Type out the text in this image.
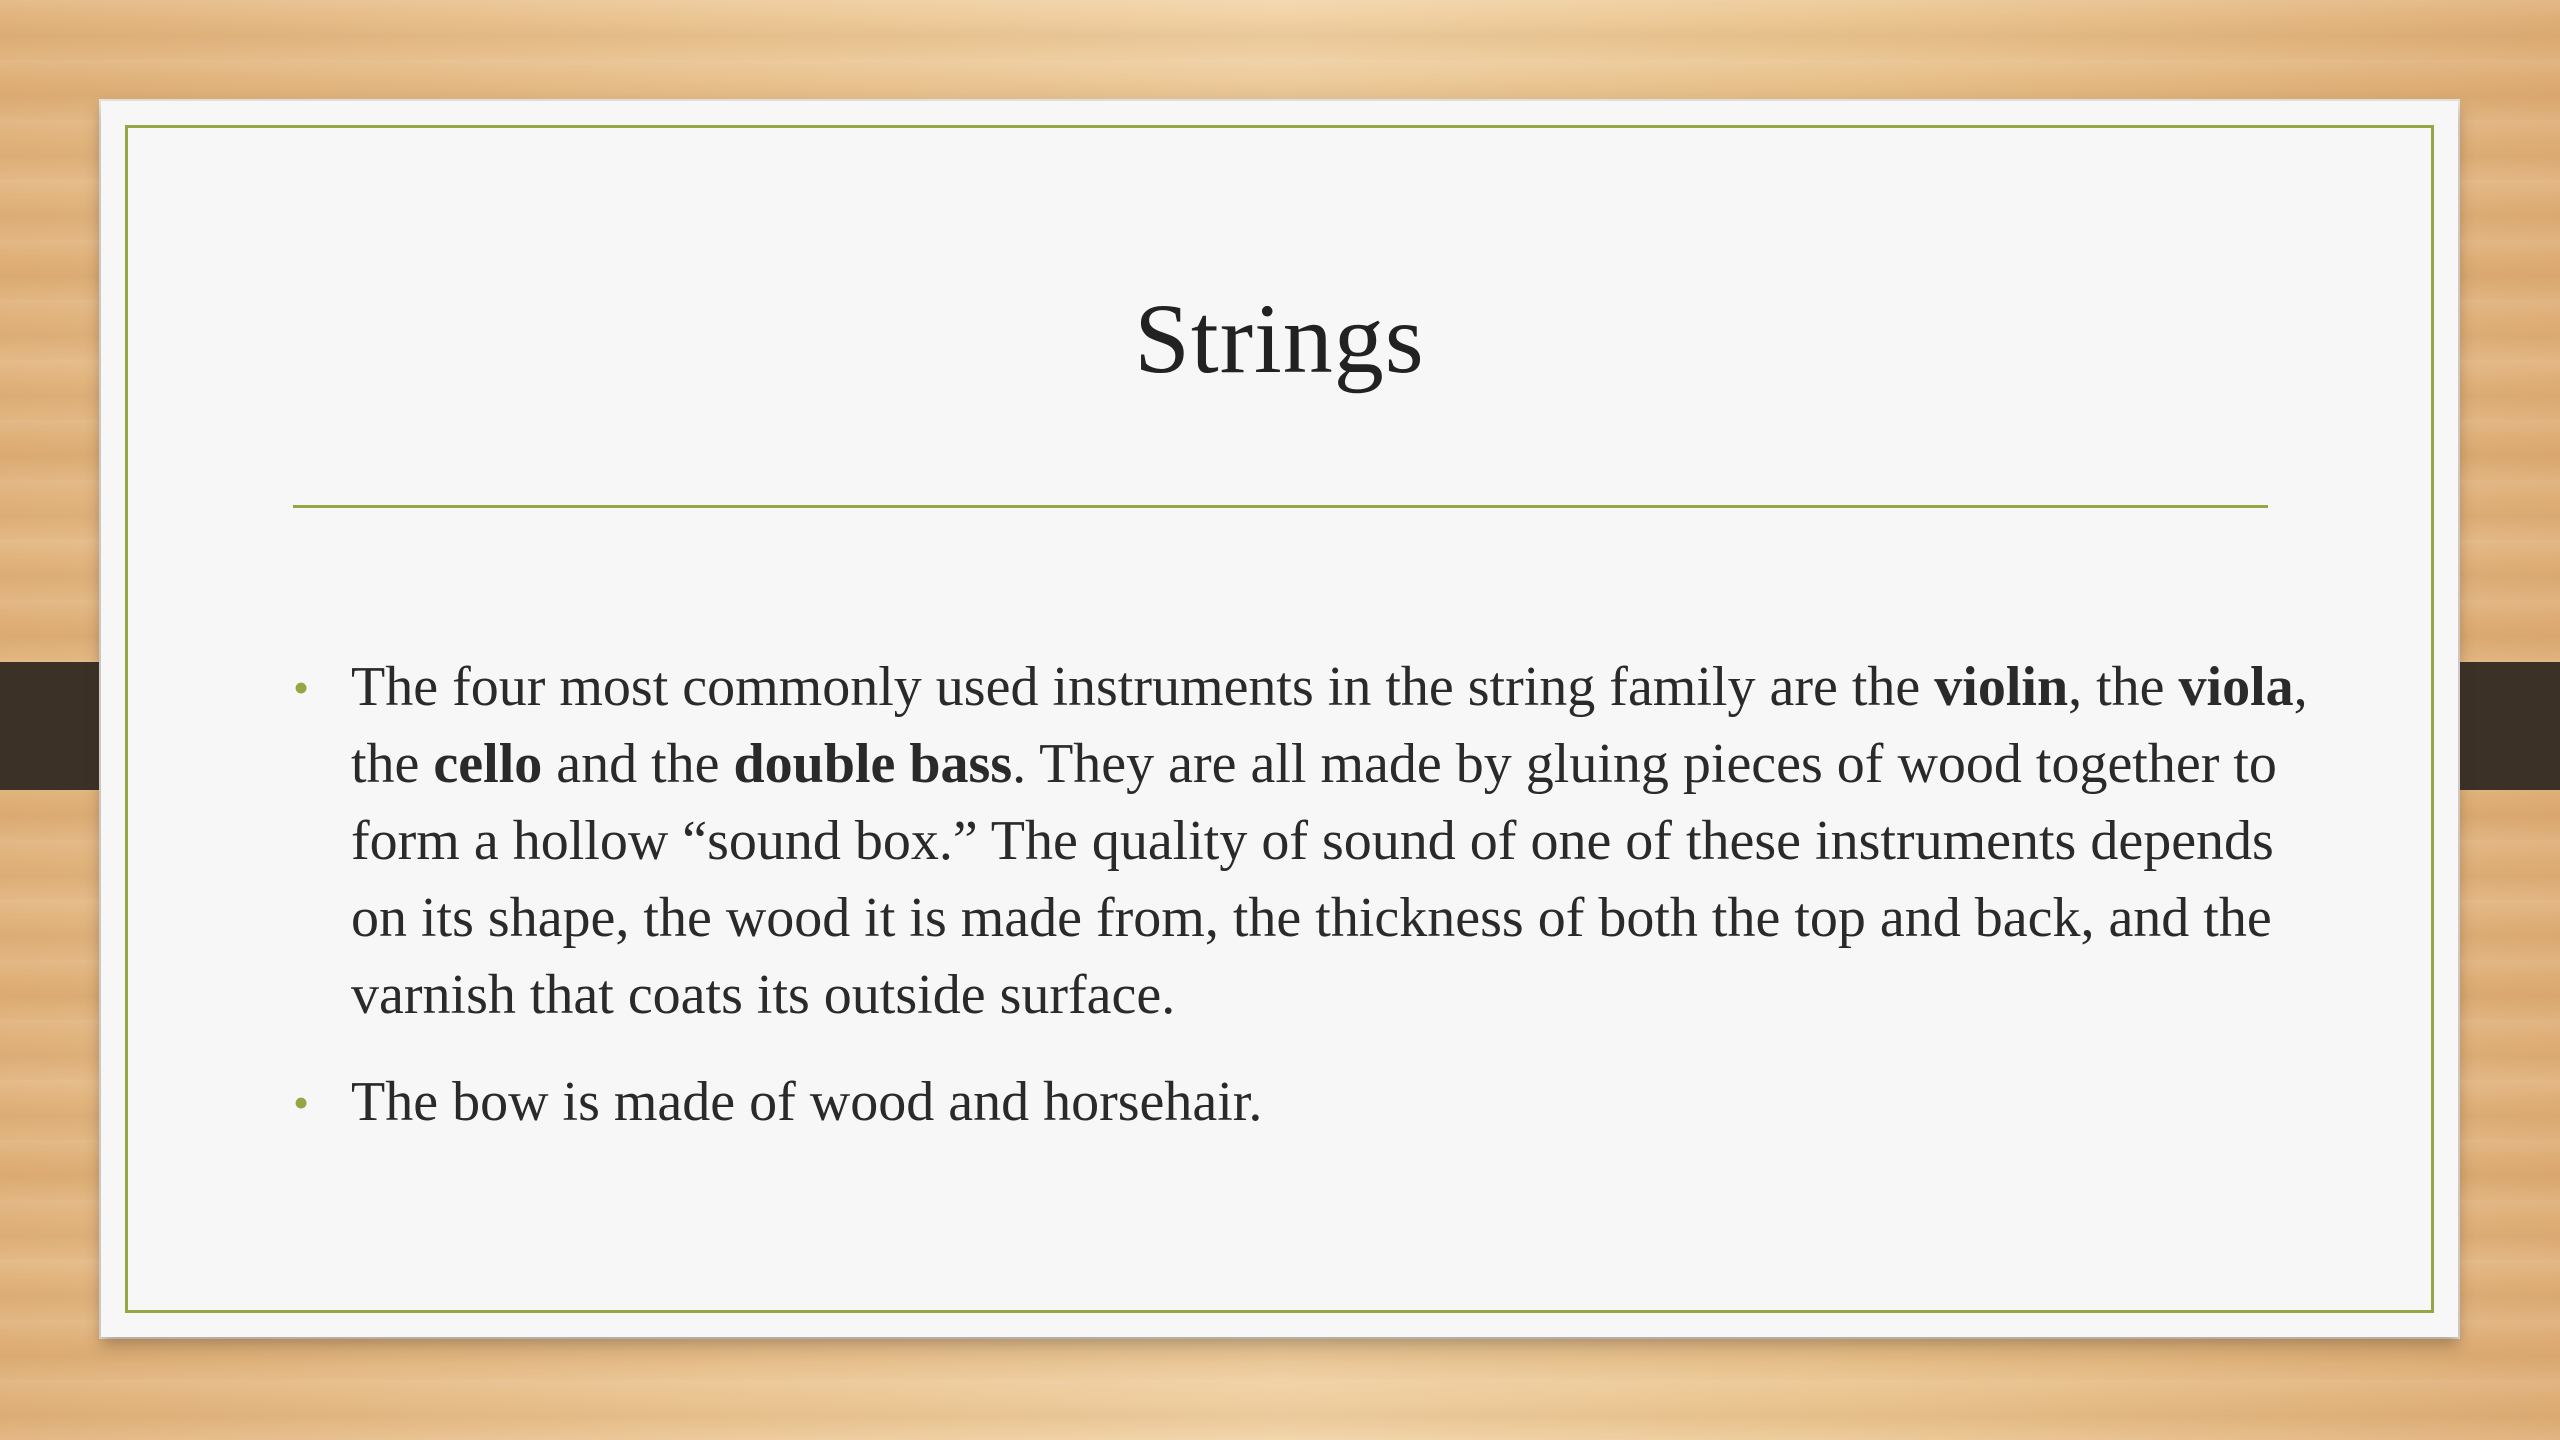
Strings

• The four most commonly used instruments in the string family are the violin, the viola, the cello and the double bass. They are all made by gluing pieces of wood together to form a hollow “sound box.” The quality of sound of one of these instruments depends on its shape, the wood it is made from, the thickness of both the top and back, and the varnish that coats its outside surface.

• The bow is made of wood and horsehair.
